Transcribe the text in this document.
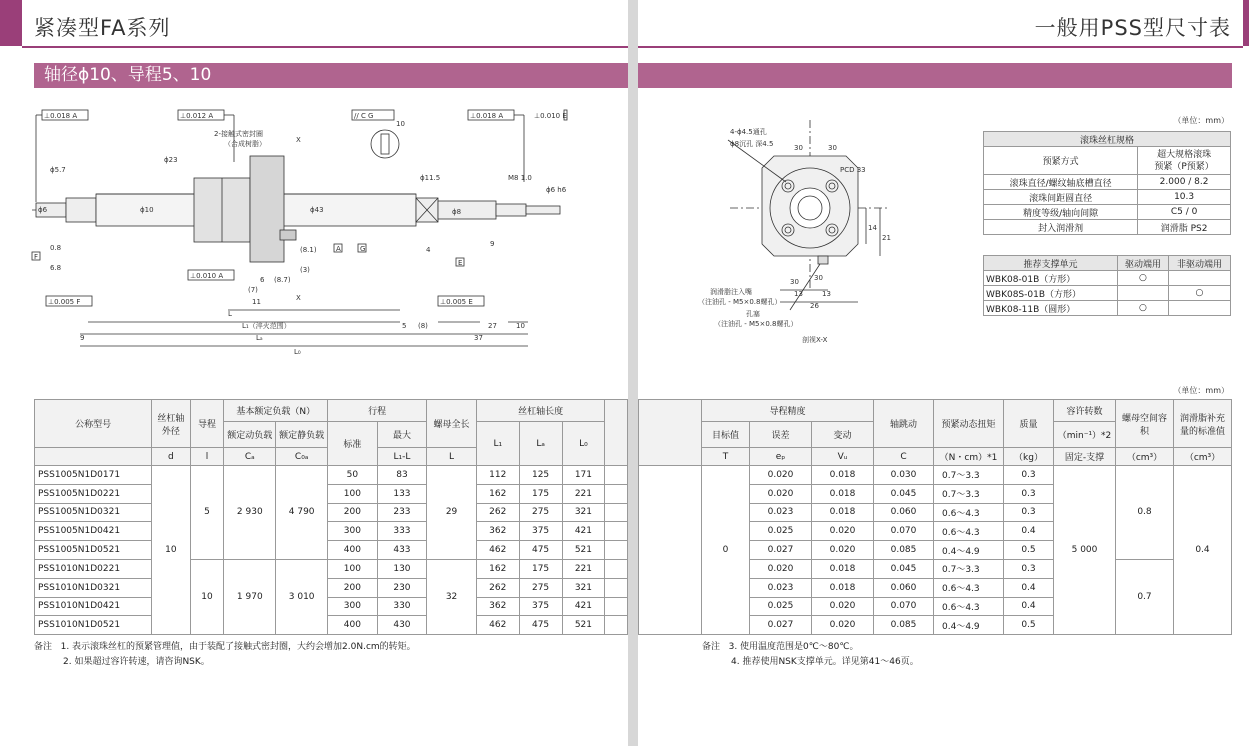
紧凑型FA系列
轴径ϕ10、导程5、10
⊥0.018 A	⊥0.012 A	// C G	⊥0.018 A	⊥0.010 E
⊥0.010 A
⊥0.005 F	⊥0.005 E
2-接触式密封圈
（合成树脂）	X
X
ϕ23
ϕ10	ϕ43
ϕ6
ϕ5.7
ϕ8
ϕ11.5
ϕ6 h6
M8 1.0
A	G
E
F
0.8
6.8
6 (8.7)
(7)
11
L
4
9
10
(8.1)
(3)
L₁（淬火范围）	5 (8)	27	10
9	Lₐ	37
L₀
公称型号	丝杠轴外径	导程	基本额定负载（N）		行程		螺母全长	丝杠轴长度			
			额定动负载	额定静负载	标准	最大		L₁	Lₐ	L₀	
	d	l	Cₐ	C₀ₐ		L₁-L	L				
PSS1005N1D0171	10	5	2 930	4 790	50	83	29	112	125	171	
PSS1005N1D0221					100	133		162	175	221	
PSS1005N1D0321					200	233		262	275	321	
PSS1005N1D0421					300	333		362	375	421	
PSS1005N1D0521					400	433		462	475	521	
PSS1010N1D0221		10	1 970	3 010	100	130	32	162	175	221	
PSS1010N1D0321					200	230		262	275	321	
PSS1010N1D0421					300	330		362	375	421	
PSS1010N1D0521					400	430		462	475	521	
备注 1. 表示滚珠丝杠的预紧管理值，由于装配了接触式密封圈，大约会增加2.0N.cm的转矩。
2. 如果超过容许转速，请咨询NSK。
一般用PSS型尺寸表
（单位：mm）
（单位：mm）
4-ϕ4.5通孔
ϕ8沉孔 深4.5
PCD 33
30	30
30 30
14
21
13	13
26
润滑脂注入嘴
（注油孔 - M5×0.8螺孔）
孔塞
（注油孔 - M5×0.8螺孔）
剖视X-X
滚珠丝杠规格	
预紧方式	超大规格滚珠
预紧（P预紧）
滚珠直径/螺纹轴底槽直径	2.000 / 8.2
滚珠间距圆直径	10.3
精度等级/轴向间隙	C5 / 0
封入润滑剂	润滑脂 PS2
推荐支撑单元	驱动端用	非驱动端用
WBK08-01B（方形）	○	
WBK08S-01B（方形）		○
WBK08-11B（圆形）	○	
	导程精度			轴跳动	预紧动态扭矩	质量	容许转数	螺母空间容积	润滑脂补充量的标准值
	目标值	误差	变动				（min⁻¹）*2		
	T	eₚ	Vᵤ	C	（N・cm）*1	（kg）	固定-支撑	（cm³）	（cm³）
	0	0.020	0.018	0.030	0.7～3.3	0.3	5 000	0.8	0.4
		0.020	0.018	0.045	0.7～3.3	0.3			
		0.023	0.018	0.060	0.6～4.3	0.3			
		0.025	0.020	0.070	0.6～4.3	0.4			
		0.027	0.020	0.085	0.4～4.9	0.5			
		0.020	0.018	0.045	0.7～3.3	0.3		0.7	
		0.023	0.018	0.060	0.6～4.3	0.4			
		0.025	0.020	0.070	0.6～4.3	0.4			
		0.027	0.020	0.085	0.4～4.9	0.5			
备注 3. 使用温度范围是0℃～80℃。
4. 推荐使用NSK支撑单元。详见第41～46页。
